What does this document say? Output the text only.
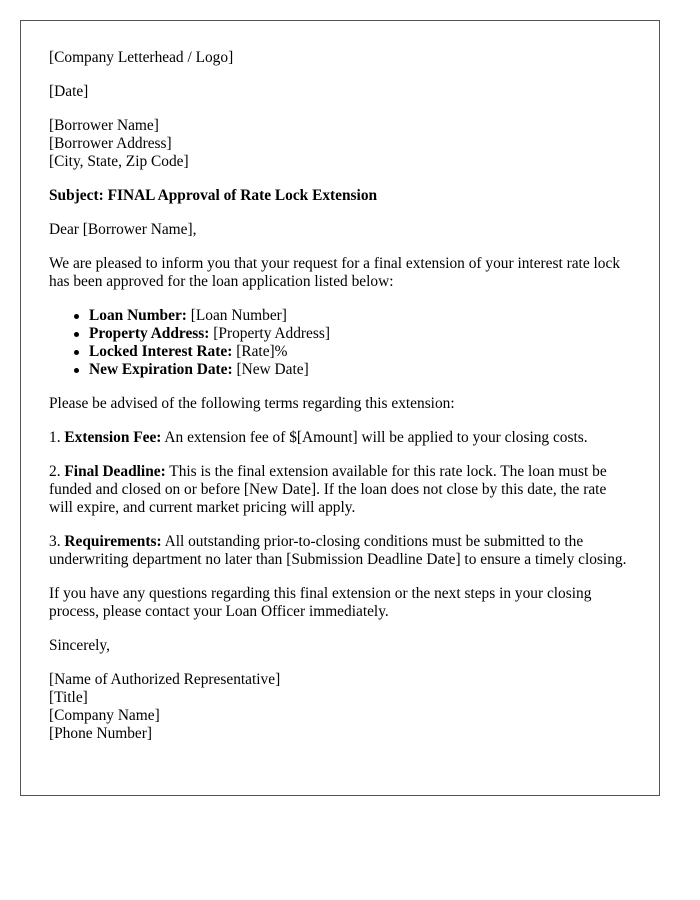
[Company Letterhead / Logo]

[Date]

[Borrower Name]
[Borrower Address]
[City, State, Zip Code]

Subject: FINAL Approval of Rate Lock Extension

Dear [Borrower Name],

We are pleased to inform you that your request for a final extension of your interest rate lock has been approved for the loan application listed below:

Loan Number: [Loan Number]
Property Address: [Property Address]
Locked Interest Rate: [Rate]%
New Expiration Date: [New Date]

Please be advised of the following terms regarding this extension:

1. Extension Fee: An extension fee of $[Amount] will be applied to your closing costs.

2. Final Deadline: This is the final extension available for this rate lock. The loan must be funded and closed on or before [New Date]. If the loan does not close by this date, the rate will expire, and current market pricing will apply.

3. Requirements: All outstanding prior-to-closing conditions must be submitted to the underwriting department no later than [Submission Deadline Date] to ensure a timely closing.

If you have any questions regarding this final extension or the next steps in your closing process, please contact your Loan Officer immediately.

Sincerely,

[Name of Authorized Representative]
[Title]
[Company Name]
[Phone Number]
